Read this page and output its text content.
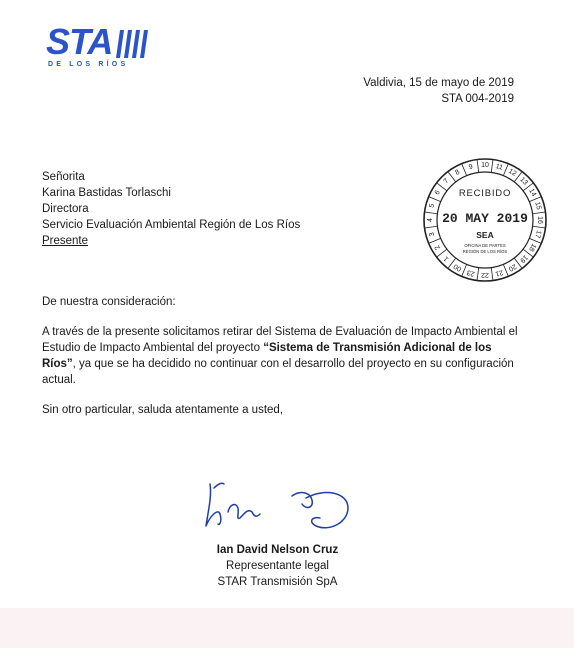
STA
DE LOS RÍOS
Valdivia, 15 de mayo de 2019
STA 004-2019
Señorita
Karina Bastidas Torlaschi
Directora
Servicio Evaluación Ambiental Región de Los Ríos
Presente
9 10 11
12
13
14
15
16
17
18
19
20
21
22
23
00
1
2
3
4
5
6
7
8
RECIBIDO
20 MAY 2019
SEA
OFICINA DE PARTES
REGIÓN DE LOS RÍOS
De nuestra consideración:
A través de la presente solicitamos retirar del Sistema de Evaluación de Impacto Ambiental el Estudio de Impacto Ambiental del proyecto “Sistema de Transmisión Adicional de los Ríos”, ya que se ha decidido no continuar con el desarrollo del proyecto en su configuración actual.
Sin otro particular, saluda atentamente a usted,
Ian David Nelson Cruz
Representante legal
STAR Transmisión SpA
